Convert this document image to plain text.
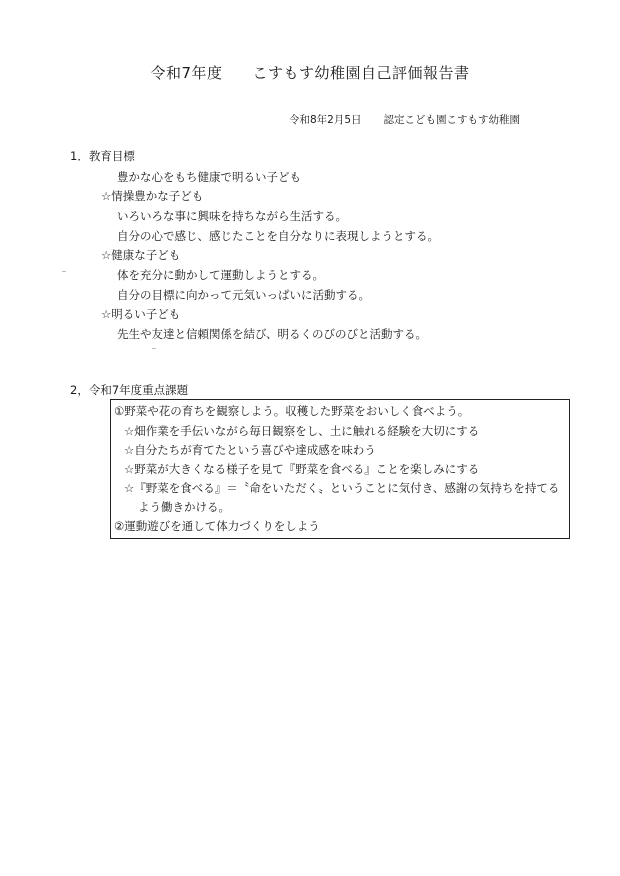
令和7年度 こすもす幼稚園自己評価報告書
令和8年2月5日 認定こども園こすもす幼稚園
1．教育目標
豊かな心をもち健康で明るい子ども
☆情操豊かな子ども
いろいろな事に興味を持ちながら生活する。
自分の心で感じ、感じたことを自分なりに表現しようとする。
☆健康な子ども
体を充分に動かして運動しようとする。
自分の目標に向かって元気いっぱいに活動する。
☆明るい子ども
先生や友達と信頼関係を結び、明るくのびのびと活動する。
2，令和7年度重点課題
①野菜や花の育ちを観察しよう。収穫した野菜をおいしく食べよう。
☆畑作業を手伝いながら毎日観察をし、土に触れる経験を大切にする
☆自分たちが育てたという喜びや達成感を味わう
☆野菜が大きくなる様子を見て『野菜を食べる』ことを楽しみにする
☆『野菜を食べる』＝〝命をいただく〟ということに気付き、感謝の気持ちを持てる
よう働きかける。
②運動遊びを通して体力づくりをしよう
